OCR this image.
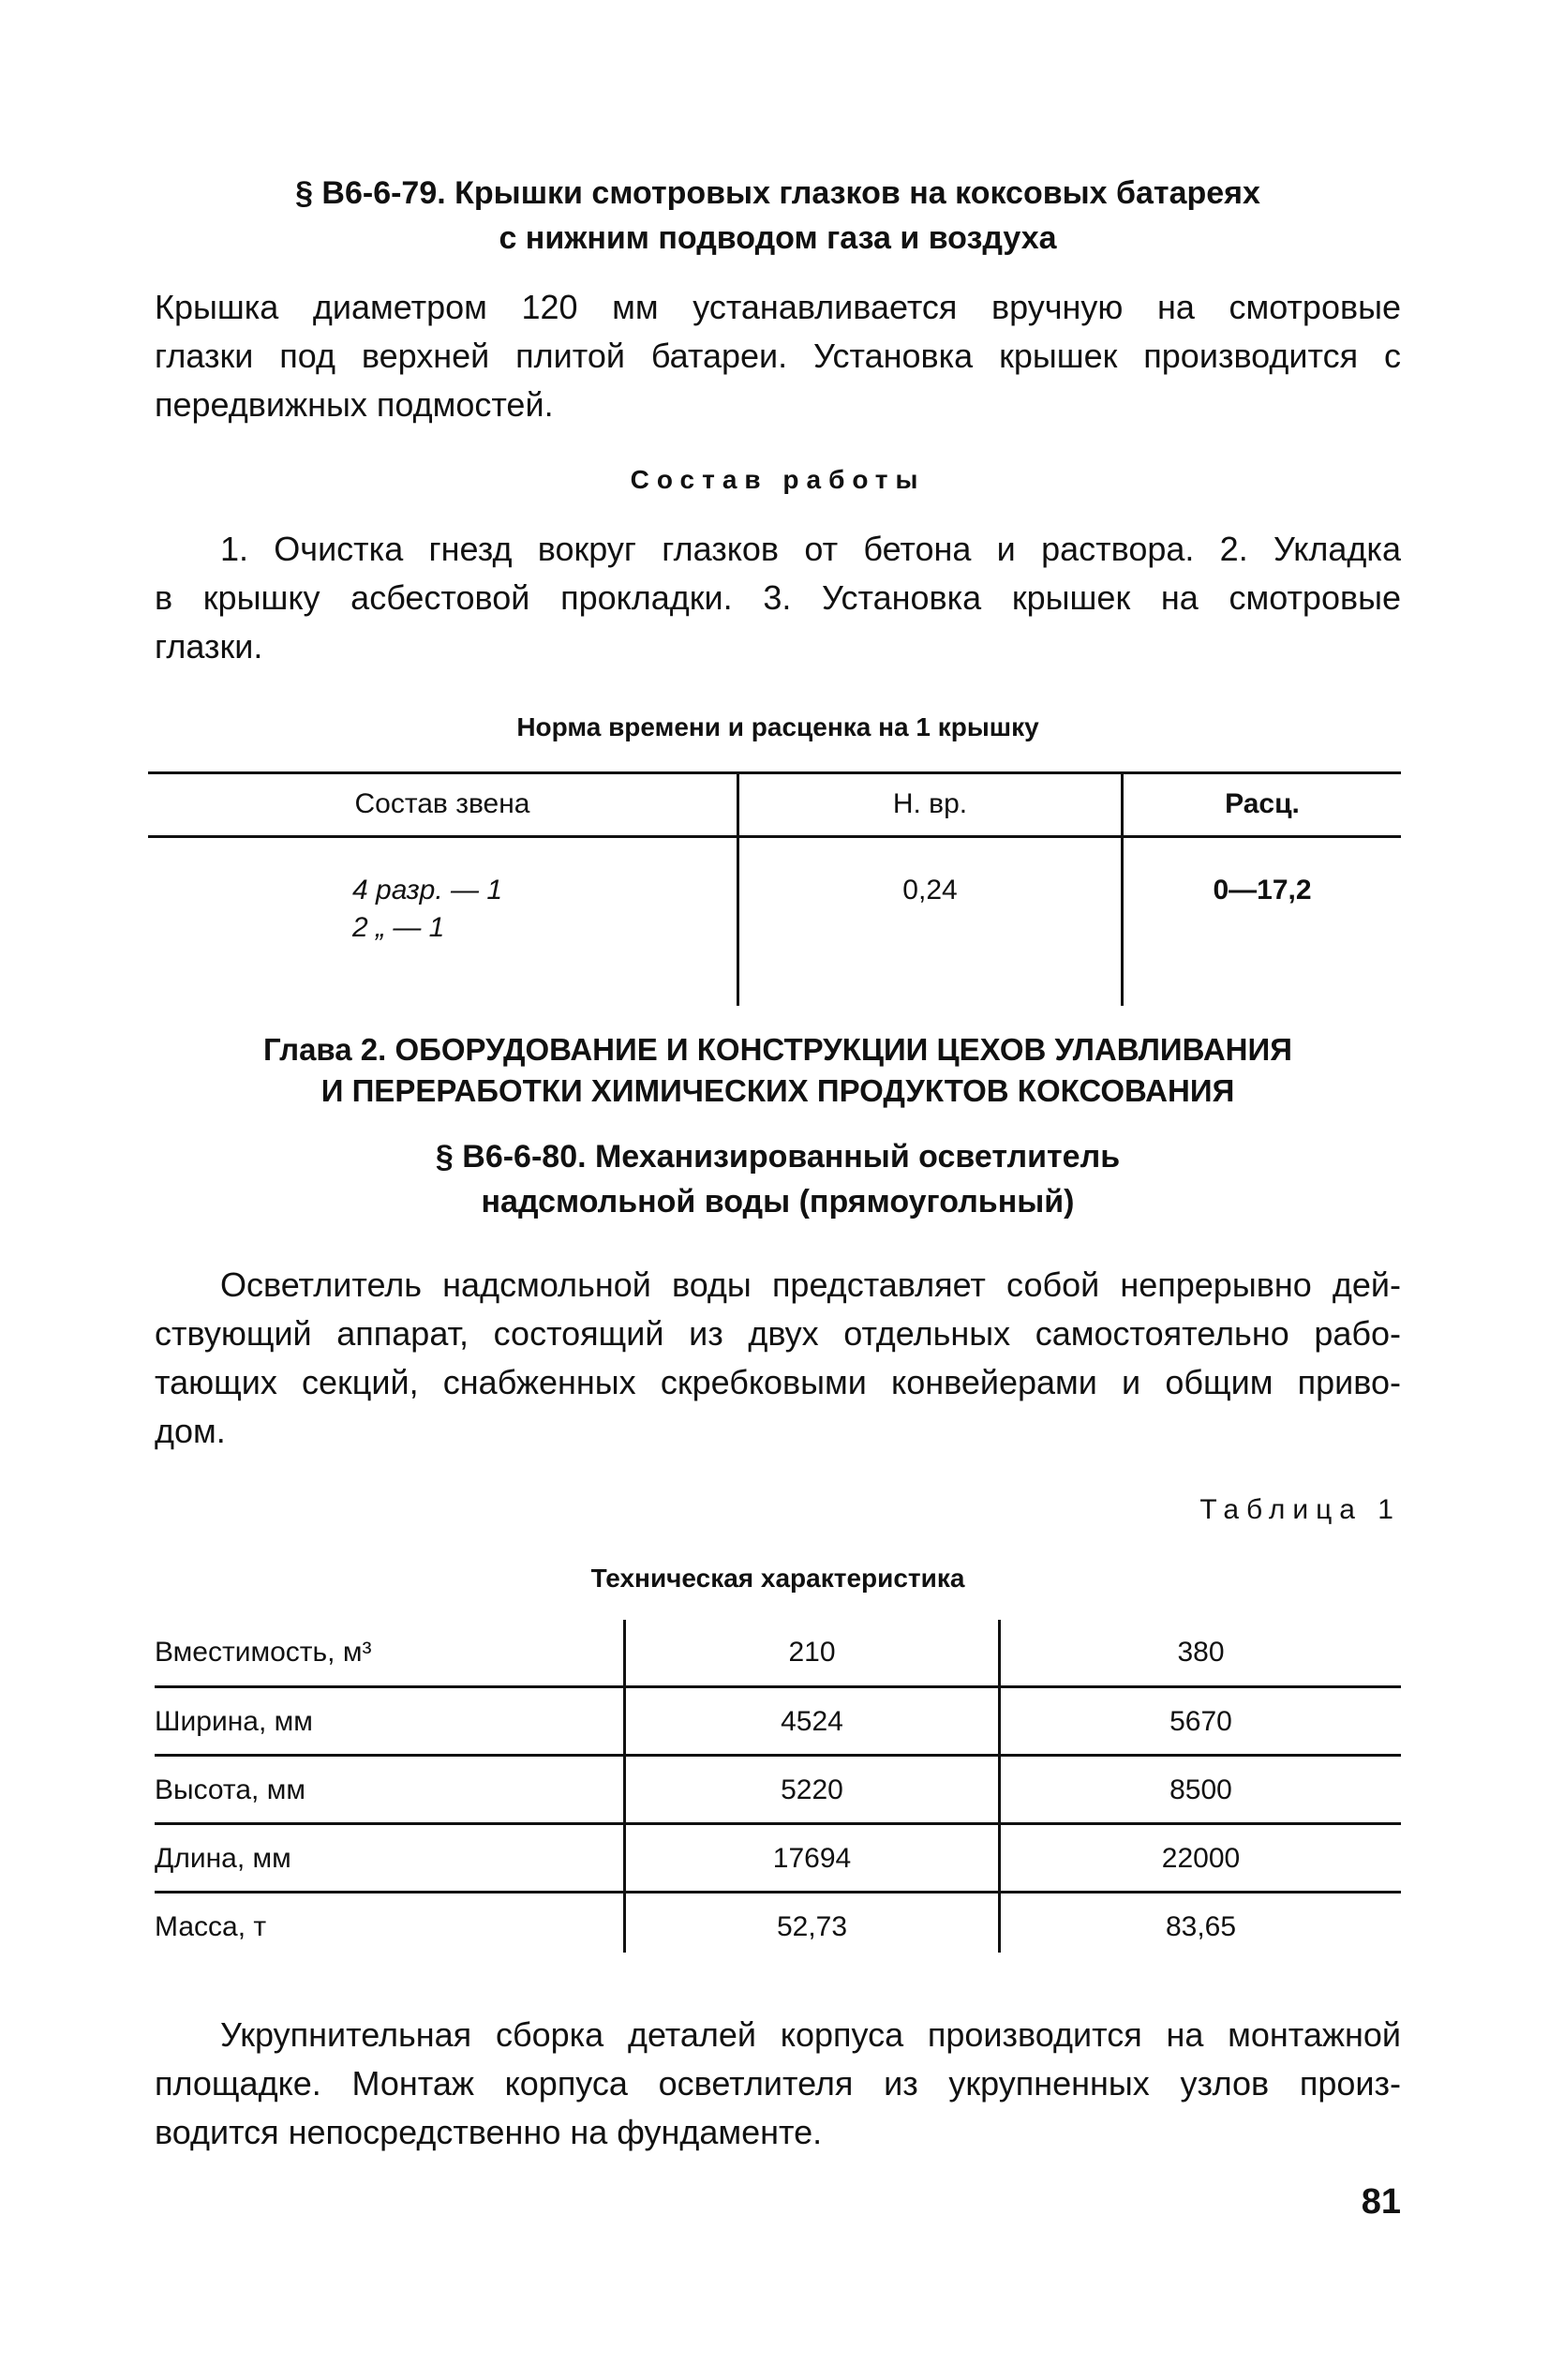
§ В6-6-79. Крышки смотровых глазков на коксовых батареях
с нижним подводом газа и воздуха
Крышка диаметром 120 мм устанавливается вручную на смотровые
глазки под верхней плитой батареи. Установка крышек производится с
передвижных подмостей.
Состав работы
1. Очистка гнезд вокруг глазков от бетона и раствора. 2. Укладка
в крышку асбестовой прокладки. 3. Установка крышек на смотровые
глазки.
Норма времени и расценка на 1 крышку
Состав звена	Н. вр.	Расц.
4 разр. — 1
2 „ — 1
0,24	0—17,2
Глава 2. ОБОРУДОВАНИЕ И КОНСТРУКЦИИ ЦЕХОВ УЛАВЛИВАНИЯ
И ПЕРЕРАБОТКИ ХИМИЧЕСКИХ ПРОДУКТОВ КОКСОВАНИЯ
§ В6-6-80. Механизированный осветлитель
надсмольной воды (прямоугольный)
Осветлитель надсмольной воды представляет собой непрерывно дей-
ствующий аппарат, состоящий из двух отдельных самостоятельно рабо-
тающих секций, снабженных скребковыми конвейерами и общим приво-
дом.
Таблица 1
Техническая характеристика
Вместимость, м³	210	380
Ширина, мм	4524	5670
Высота, мм	5220	8500
Длина, мм	17694	22000
Масса, т	52,73	83,65
Укрупнительная сборка деталей корпуса производится на монтажной
площадке. Монтаж корпуса осветлителя из укрупненных узлов произ-
водится непосредственно на фундаменте.
81
